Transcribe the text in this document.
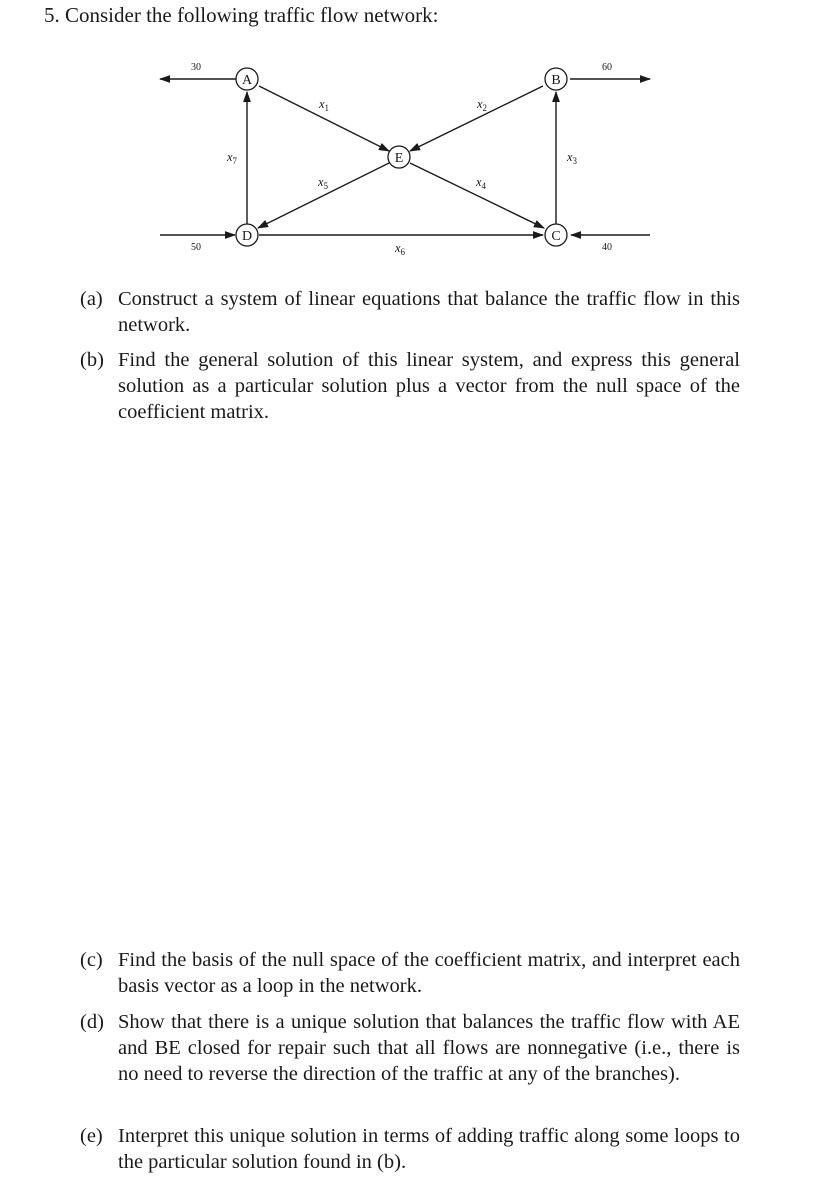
5. Consider the following traffic flow network:
A	B
C
D
E
30	60
50	40
$x_1$	$x_2$
$x_3$
$x_4$
$x_5$
$x_6$
$x_7$
(a) Construct a system of linear equations that balance the traffic flow in this network.
(b) Find the general solution of this linear system, and express this general solution as a particular solution plus a vector from the null space of the coefficient matrix.
(c) Find the basis of the null space of the coefficient matrix, and interpret each basis vector as a loop in the network.
(d) Show that there is a unique solution that balances the traffic flow with AE and BE closed for repair such that all flows are nonnegative (i.e., there is no need to reverse the direction of the traffic at any of the branches).
(e) Interpret this unique solution in terms of adding traffic along some loops to the particular solution found in (b).
